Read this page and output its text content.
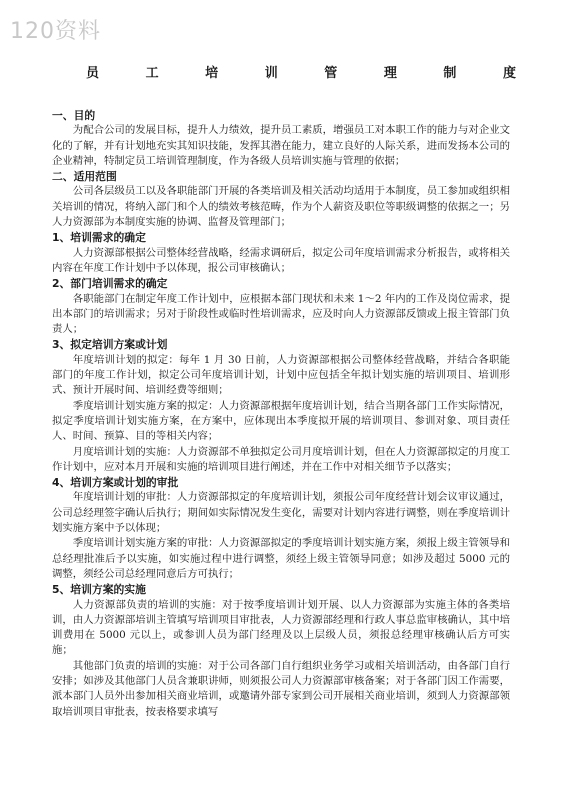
120资料
员	工	培	训	管	理	制	度
一、目的
为配合公司的发展目标，提升人力绩效，提升员工素质，增强员工对本职工作的能力与对企业文化的了解，并有计划地充实其知识技能，发挥其潜在能力，建立良好的人际关系，进而发扬本公司的企业精神，特制定员工培训管理制度，作为各级人员培训实施与管理的依据；
二、适用范围
公司各层级员工以及各职能部门开展的各类培训及相关活动均适用于本制度，员工参加或组织相关培训的情况，将纳入部门和个人的绩效考核范畴，作为个人薪资及职位等职级调整的依据之一；另人力资源部为本制度实施的协调、监督及管理部门；
1、培训需求的确定
人力资源部根据公司整体经营战略，经需求调研后，拟定公司年度培训需求分析报告，或将相关内容在年度工作计划中予以体现，报公司审核确认；
2、部门培训需求的确定
各职能部门在制定年度工作计划中，应根据本部门现状和未来 1～2 年内的工作及岗位需求，提出本部门的培训需求；另对于阶段性或临时性培训需求，应及时向人力资源部反馈或上报主管部门负责人；
3、拟定培训方案或计划
年度培训计划的拟定：每年 1 月 30 日前，人力资源部根据公司整体经营战略，并结合各职能部门的年度工作计划，拟定公司年度培训计划，计划中应包括全年拟计划实施的培训项目、培训形式、预计开展时间、培训经费等细则；
季度培训计划实施方案的拟定：人力资源部根据年度培训计划，结合当期各部门工作实际情况，拟定季度培训计划实施方案，在方案中，应体现出本季度拟开展的培训项目、参训对象、项目责任人、时间、预算、目的等相关内容；
月度培训计划的实施：人力资源部不单独拟定公司月度培训计划，但在人力资源部拟定的月度工作计划中，应对本月开展和实施的培训项目进行阐述，并在工作中对相关细节予以落实；
4、培训方案或计划的审批
年度培训计划的审批：人力资源部拟定的年度培训计划，须报公司年度经营计划会议审议通过，公司总经理签字确认后执行；期间如实际情况发生变化，需要对计划内容进行调整，则在季度培训计划实施方案中予以体现；
季度培训计划实施方案的审批：人力资源部拟定的季度培训计划实施方案，须报上级主管领导和总经理批准后予以实施，如实施过程中进行调整，须经上级主管领导同意；如涉及超过 5000 元的调整，须经公司总经理同意后方可执行；
5、培训方案的实施
人力资源部负责的培训的实施：对于按季度培训计划开展、以人力资源部为实施主体的各类培训，由人力资源部培训主管填写培训项目审批表，人力资源部经理和行政人事总监审核确认，其中培训费用在 5000 元以上，或参训人员为部门经理及以上层级人员，须报总经理审核确认后方可实施；
其他部门负责的培训的实施：对于公司各部门自行组织业务学习或相关培训活动，由各部门自行安排；如涉及其他部门人员含兼职讲师，则须报公司人力资源部审核备案；对于各部门因工作需要，派本部门人员外出参加相关商业培训，或邀请外部专家到公司开展相关商业培训，须到人力资源部领取培训项目审批表，按表格要求填写
